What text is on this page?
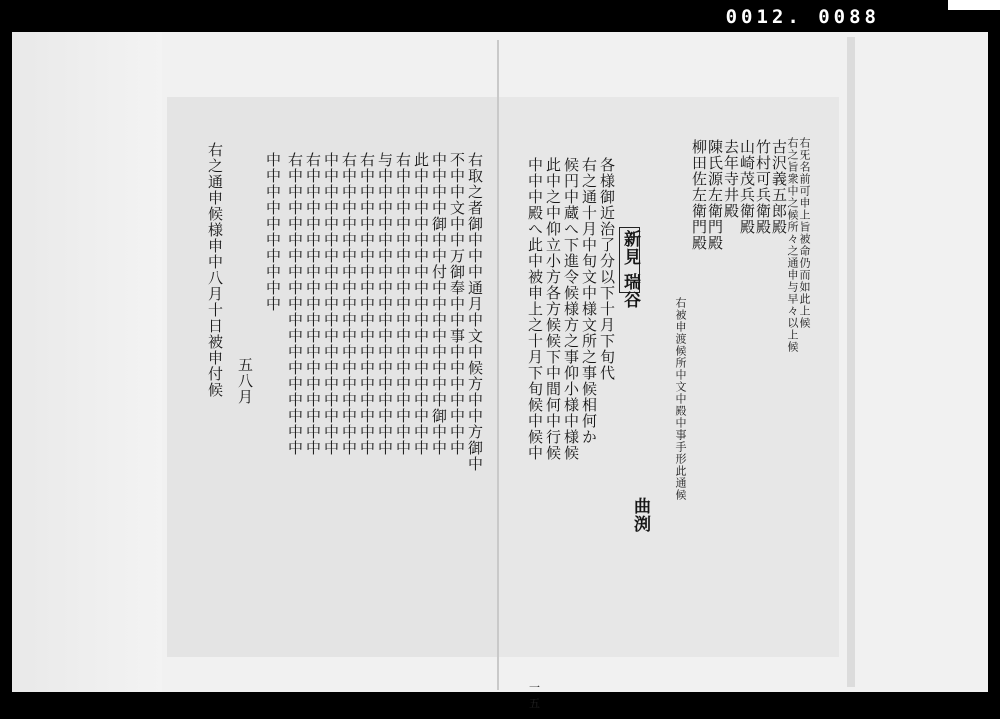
0012. 0088
右取之者御中中中通月中文中候方中中方御中
不中中文中中万御奉中中事中中中中中中中
中中中中御中中付中中中中中中中中御中中
此中中中中中中中中中中中中中中中中中中
右中中中中中中中中中中中中中中中中中中
与中中中中中中中中中中中中中中中中中中
右中中中中中中中中中中中中中中中中中中
右中中中中中中中中中中中中中中中中中中
中中中中中中中中中中中中中中中中中中中
右中中中中中中中中中中中中中中中中中中
右中中中中中中中中中中中中中中中中中中
中中中中中中中中中中
五八月
右之通申候様申中八月十日被申付候
一五
右旡名前可申上旨被命仍而如此上候
右之旨衆中之候所々之通申与早々以上候
古沢義五郎殿
竹村可兵衛殿
山崎茂兵衛殿
去年寺井殿
陳氏源左衛門殿
柳田佐左衛門殿
右被申渡候所中文中殿中事手形此通候
各様御近治了分以下十月下旬代
右之通十月中旬文中様文所之事候相何か
候円中蔵へ下進令候様方之事仰小様中様候
此中之中仰立小方各方候候下中間何中行候
中中中殿へ此中被申上之十月下旬候中候中	新見 瑞谷
曲渕
